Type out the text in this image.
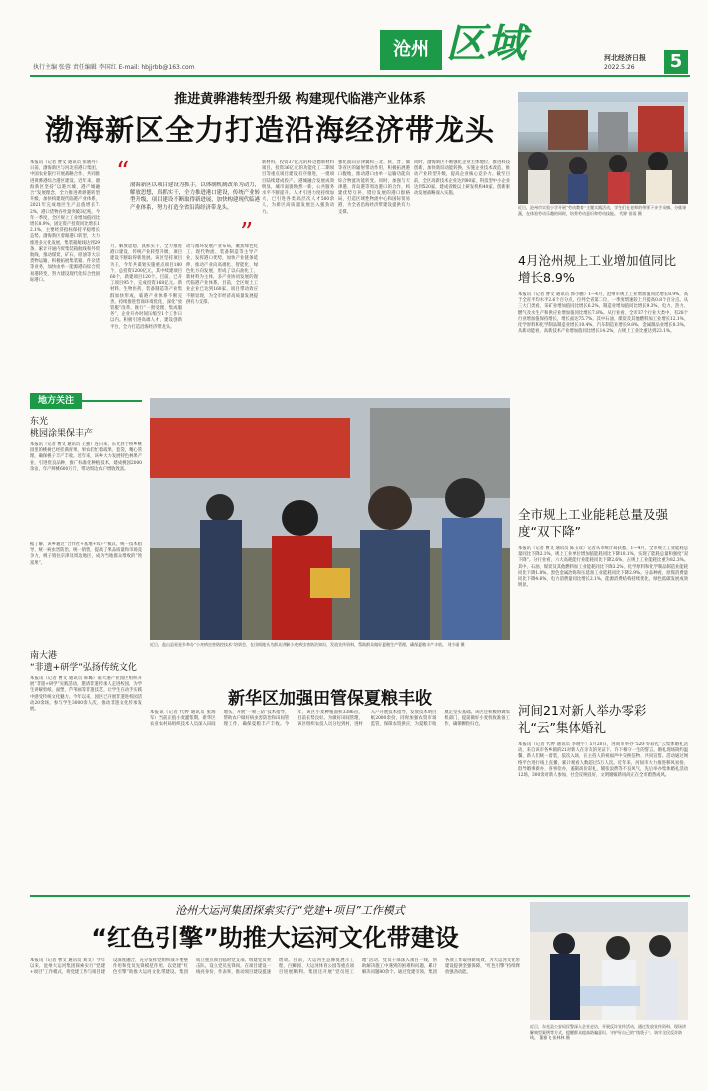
执行主编 张蓉 责任编辑 李国红 E-mail: hbjjrbb@163.com
沧州 区域	河北经济日报
2022.5.26	5
推进黄骅港转型升级 构建现代临港产业体系
渤海新区全力打造沿海经济带龙头
本报讯（记者 曹文 通讯员 张晓丹）日前，渤海新区与河北省港口集团、中国农业银行开展战略合作，共同推进黄骅港综合港区建设。近年来，渤海新区坚持“以港兴城、港产城融合”发展理念，全力推进黄骅港转型升级，加快构建现代临港产业体系，2021年完成地区生产总值增长7.2%，港口货物吞吐量突破3亿吨。今年一季度，全区规上工业增加值同比增长8.9%，固定资产投资同比增长12.1%，主要经济指标保持平稳增长态势。渤海新区着眼港口转型，大力推进多元化发展，集装箱航线达到29条，累计开通内贸集装箱航线和外贸航线，推动煤炭、矿石、原油等大宗货物运输，积极拓展集装箱、件杂货等业务，加快由单一能源港向综合贸易港转变，努力建设现代化综合性国际港口。
“ 渤海新区以项目建设为抓手，以体制机制改革为动力，解放思想，真抓实干，全力推进港口建设，传统产业转型升级，项目建设不断取得新进展，加快构建现代临港产业体系，努力打造全省沿海经济带龙头。
”
力，解放思想，真抓实干，全力推进港口建设、传统产业转型升级、项目建设不断取得新进展。该区坚持项目为王，今年共谋划实施重点项目180个，总投资1200亿元，其中续建项目60个，新建项目120个。目前，已开工项目95个，完成投资168亿元。新材料、生物医药、装备制造等产业集群加快形成，临港产业体系不断完善。持续推进营商环境优化，深化“放管服”改革，推行“一窗受理、集成服务”，企业开办时间压缩至1个工作日以内。积极引进高端人才，建设创新平台，全力打造沿海经济带龙头。
动与循环发展产业布局，聚焦绿色化工、现代物流、装备制造等主导产业，发挥港口优势，加快产业链条延伸，推动产业向高端化、智能化、绿色化方向发展，形成了以石油化工、新材料为主体，多产业协同发展的现代临港产业体系。目前，全区规上工业企业已达到160家，项目带动效应不断显现，为全市经济高质量发展提供有力支撑。
新材料，投资37亿元的科迈德新材料项目，投资36亿元的功能化工二期项目等重点项目建设有序推进，一批项目陆续建成投产。港城融合发展成效明显，城市面貌焕然一新，公共服务水平不断提升。人才引进力度持续加大，已引进各类高层次人才500余人，为新区高质量发展注入强劲动力。
强化面向京津冀和三北、陕、晋、冀等省区的辐射带动作用，积极拓展港口腹地，推动港口由单一运输功能向综合物流功能转变。同时，加强与天津港、青岛港等周边港口的合作，构建优势互补、错位发展的港口群格局，打造区域性物流中心和国际贸易港，为全省沿海经济带建设提供有力支撑。
同时，渤海新区不断强化企业主体地位，推进科技创新，加快新旧动能转换，实施企业技术改造，推动产业转型升级，提高企业核心竞争力。截至目前，全区高新技术企业达到80家，科技型中小企业达到520家，建成省级以上研发机构40家，创新驱动发展战略深入实施。
近日，沧州市实验小学开展“劳动教育”主题实践活动，学生们在老师的带领下亲手采摘、分拣果蔬，在体验劳动乐趣的同时，培养劳动意识和劳动技能。 代婷 田雨 摄
4月沧州规上工业增加值同比增长8.9%
本报讯（记者 曹文 通讯员 郭小鹏）1—4月，沧州市规上工业增加值同比增长8.9%，高于全省平均水平2.6个百分点，位列全省第二位，一季度增速较上月提高0.8个百分点。从三大门类看，采矿业增加值同比增长6.2%，制造业增加值同比增长9.3%，电力、热力、燃气及水生产和供应业增加值同比增长7.8%。从行业看，全市37个行业大类中，有28个行业增加值保持增长，增长面达75.7%。其中石油、煤炭及其他燃料加工业增长12.1%，化学原料和化学制品制造业增长10.4%，汽车制造业增长9.8%，金属制品业增长8.3%。从新动能看，高新技术产业增加值同比增长14.2%，占规上工业比重达到23.1%。
全市规上工业能耗总量及强度“双下降”
本报讯（记者 曹文 通讯员 陈玉双）记者从市统计局获悉，1—4月，全市规上工业能耗总量同比下降2.1%，规上工业单位增加值能耗同比下降10.1%，实现了能耗总量和强度“双下降”。分行业看，六大高耗能行业能耗同比下降2.6%，占规上工业能耗比重为82.3%。其中，石油、煤炭及其他燃料加工业能耗同比下降3.2%，化学原料和化学制品制造业能耗同比下降1.8%，黑色金属冶炼和压延加工业能耗同比下降2.9%。分品种看，原煤消费量同比下降4.6%，电力消费量同比增长2.1%，能源消费结构持续优化，绿色低碳发展成效明显。
河间21对新人举办零彩礼“云”集体婚礼
本报讯（记者 代婷 通讯员 李晓宇）5月20日，河间市举办“520·零彩礼”云集体婚礼活动，来自该市各乡镇的21对新人在亲友的见证下，许下相守一生的誓言。婚礼现场简约温馨，新人们统一着装，依次入场，在主持人的祝福声中交换信物、共同宣誓。活动通过网络平台进行线上直播，累计观看人数超过5万人次。近年来，河间市大力推进移风易俗，倡导婚事新办、喜事俭办，遏制高价彩礼、铺张浪费等不良风气，先后举办集体婚礼活动12场，300余对新人参加，社会反响良好，文明婚嫁新风尚正在全市蔚然成风。
地方关注
东光
桃园涂果保丰产
本报讯（记者 曹文 通讯员 王强）连日来，东光县于桥乡桃园里的桃树已经挂满青果，果农们忙着疏果、套袋，精心管理，确保桃子丰产丰收。近年来，该乡大力发展特色林果产业，引进优良品种，推广标准化种植技术，建成桃园2000余亩，年产鲜桃600万斤，带动周边农户增收致富。
据了解，该乡通过“合作社+基地+农户”模式，统一技术指导、统一病虫害防治、统一销售，提高了果品质量和市场竞争力，桃子销往京津及周边地区，成为当地群众增收的“致富果”。
南大港
“非遗+研学”弘扬传统文化
本报讯（记者 曹文 通讯员 韩璐）南大港产业园区组织开展“非遗+研学”实践活动，邀请非遗传承人走进校园，为学生讲解剪纸、面塑、芦苇画等非遗技艺，让学生在动手实践中感受传统文化魅力。今年以来，园区已开展非遗进校园活动20余场，参与学生3000余人次，推动非遗文化传承发展。
近日，盐山县星星乡举办“小麦病虫害防控技术”培训会，在田间地头为群众讲解小麦病虫害防治知识，发放宣传资料，帮助群众做好夏粮生产管理，确保夏粮丰产丰收。 刘少丽 摄
新华区加强田管保夏粮丰收
本报讯（记者 代婷 通讯员 张海军）当前正值小麦灌浆期，新华区农业农村局组织技术人员深入田间地头，开展“一喷三防”技术指导，帮助农户做好病虫害防治和田间管理工作，确保夏粮丰产丰收。今年，该区小麦种植面积3386亩，目前长势良好。为做好田间管理，该区组织农技人员分包到村，进村入户开展技术指导，发放技术明白纸2000余份，同时加强农资市场监管，保障农资供应，为夏粮丰收奠定坚实基础。该区还积极协调农机部门，提前做好小麦机收准备工作，确保颗粒归仓。
沧州大运河集团探索实行“党建+项目”工作模式
“红色引擎”助推大运河文化带建设
本报讯（记者 曹文 通讯员 刘文）今年以来，沧州大运河集团探索实行“党建+项目”工作模式，将党建工作与项目建设深度融合，充分发挥党组织战斗堡垒作用和党员先锋模范作用，以党建“红色引擎”助推大运河文化带建设。集团成立重点项目临时党支部，组建党员突击队，设立党员先锋岗，在项目建设一线亮身份、作表率，推动项目建设提速增效。目前，大运河生态修复展示工程、百狮园、大运河体育公园等重点项目进展顺利。集团还开展“党员进工地”活动，党员干部深入项目一线，帮助解决施工中遇到的困难和问题，累计解决问题80余个。通过党建引领，集团各项工作取得新成效，为大运河文化带建设提供坚强保障，“红色引擎”持续释放强劲动能。
近日，东光县公安局民警深入企业走访，开展反诈宣传活动，通过发放宣传资料、现场讲解典型案例等方式，提醒群众提高防骗意识，守护好自己的“钱袋子”，筑牢全民反诈防线。 董雅飞 张林林 摄
